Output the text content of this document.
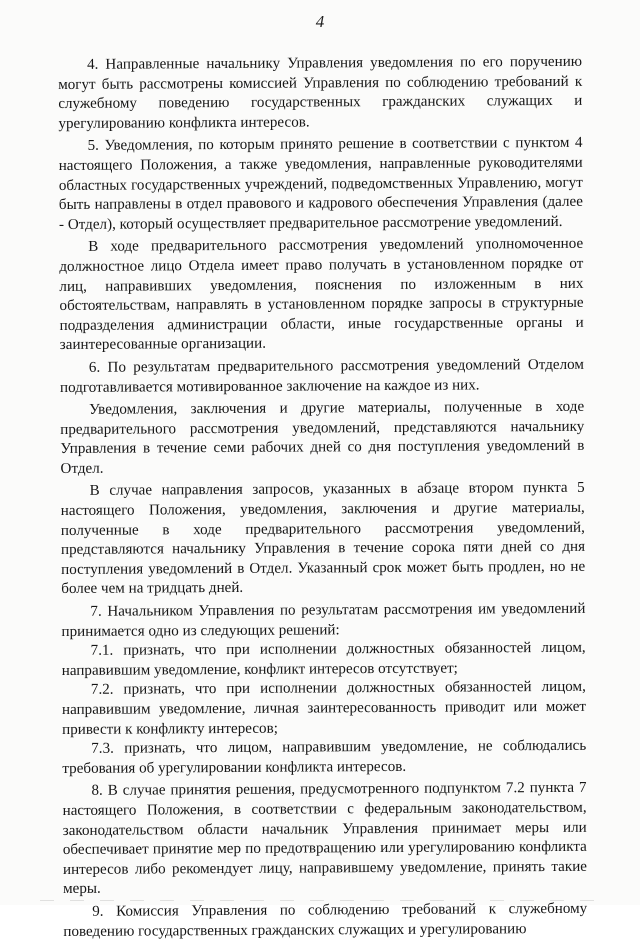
4

4. Направленные начальнику Управления уведомления по его поручению могут быть рассмотрены комиссией Управления по соблюдению требований к служебному поведению государственных гражданских служащих и урегулированию конфликта интересов.

5. Уведомления, по которым принято решение в соответствии с пунктом 4 настоящего Положения, а также уведомления, направленные руководителями областных государственных учреждений, подведомственных Управлению, могут быть направлены в отдел правового и кадрового обеспечения Управления (далее - Отдел), который осуществляет предварительное рассмотрение уведомлений.

В ходе предварительного рассмотрения уведомлений уполномоченное должностное лицо Отдела имеет право получать в установленном порядке от лиц, направивших уведомления, пояснения по изложенным в них обстоятельствам, направлять в установленном порядке запросы в структурные подразделения администрации области, иные государственные органы и заинтересованные организации.

6. По результатам предварительного рассмотрения уведомлений Отделом подготавливается мотивированное заключение на каждое из них.

Уведомления, заключения и другие материалы, полученные в ходе предварительного рассмотрения уведомлений, представляются начальнику Управления в течение семи рабочих дней со дня поступления уведомлений в Отдел.

В случае направления запросов, указанных в абзаце втором пункта 5 настоящего Положения, уведомления, заключения и другие материалы, полученные в ходе предварительного рассмотрения уведомлений, представляются начальнику Управления в течение сорока пяти дней со дня поступления уведомлений в Отдел. Указанный срок может быть продлен, но не более чем на тридцать дней.

7. Начальником Управления по результатам рассмотрения им уведомлений принимается одно из следующих решений:

7.1. признать, что при исполнении должностных обязанностей лицом, направившим уведомление, конфликт интересов отсутствует;

7.2. признать, что при исполнении должностных обязанностей лицом, направившим уведомление, личная заинтересованность приводит или может привести к конфликту интересов;

7.3. признать, что лицом, направившим уведомление, не соблюдались требования об урегулировании конфликта интересов.

8. В случае принятия решения, предусмотренного подпунктом 7.2 пункта 7 настоящего Положения, в соответствии с федеральным законодательством, законодательством области начальник Управления принимает меры или обеспечивает принятие мер по предотвращению или урегулированию конфликта интересов либо рекомендует лицу, направившему уведомление, принять такие меры.

9. Комиссия Управления по соблюдению требований к служебному поведению государственных гражданских служащих и урегулированию
